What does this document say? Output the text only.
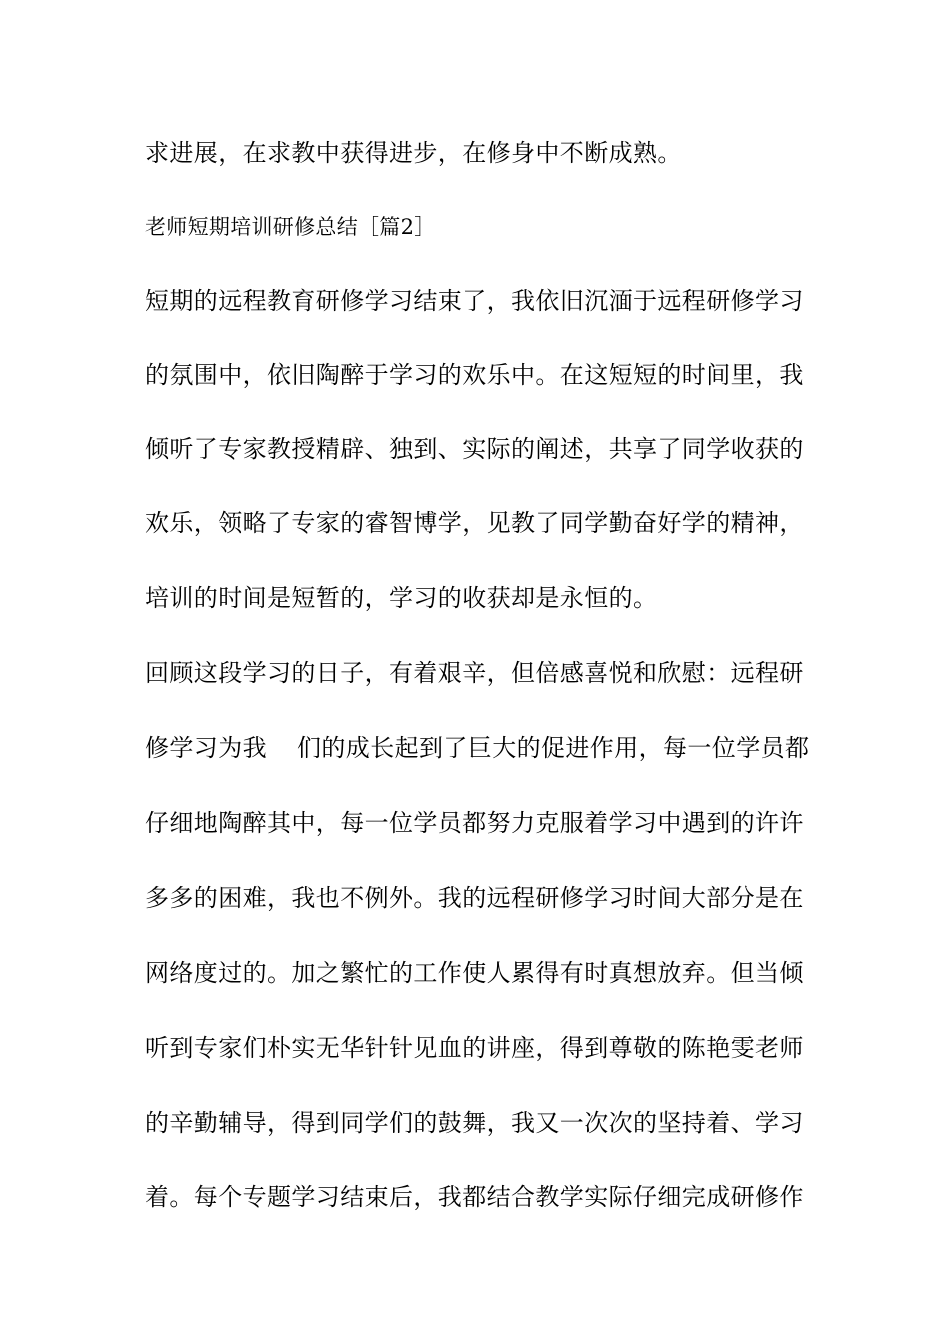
求进展，在求教中获得进步，在修身中不断成熟。
老师短期培训研修总结［篇2］
短期的远程教育研修学习结束了，我依旧沉湎于远程研修学习
的氛围中，依旧陶醉于学习的欢乐中。在这短短的时间里，我
倾听了专家教授精辟、独到、实际的阐述，共享了同学收获的
欢乐，领略了专家的睿智博学，见教了同学勤奋好学的精神，
培训的时间是短暂的，学习的收获却是永恒的。
回顾这段学习的日子，有着艰辛，但倍感喜悦和欣慰：远程研
修学习为我 们的成长起到了巨大的促进作用，每一位学员都
仔细地陶醉其中，每一位学员都努力克服着学习中遇到的许许
多多的困难，我也不例外。我的远程研修学习时间大部分是在
网络度过的。加之繁忙的工作使人累得有时真想放弃。但当倾
听到专家们朴实无华针针见血的讲座，得到尊敬的陈艳雯老师
的辛勤辅导，得到同学们的鼓舞，我又一次次的坚持着、学习
着。每个专题学习结束后，我都结合教学实际仔细完成研修作
